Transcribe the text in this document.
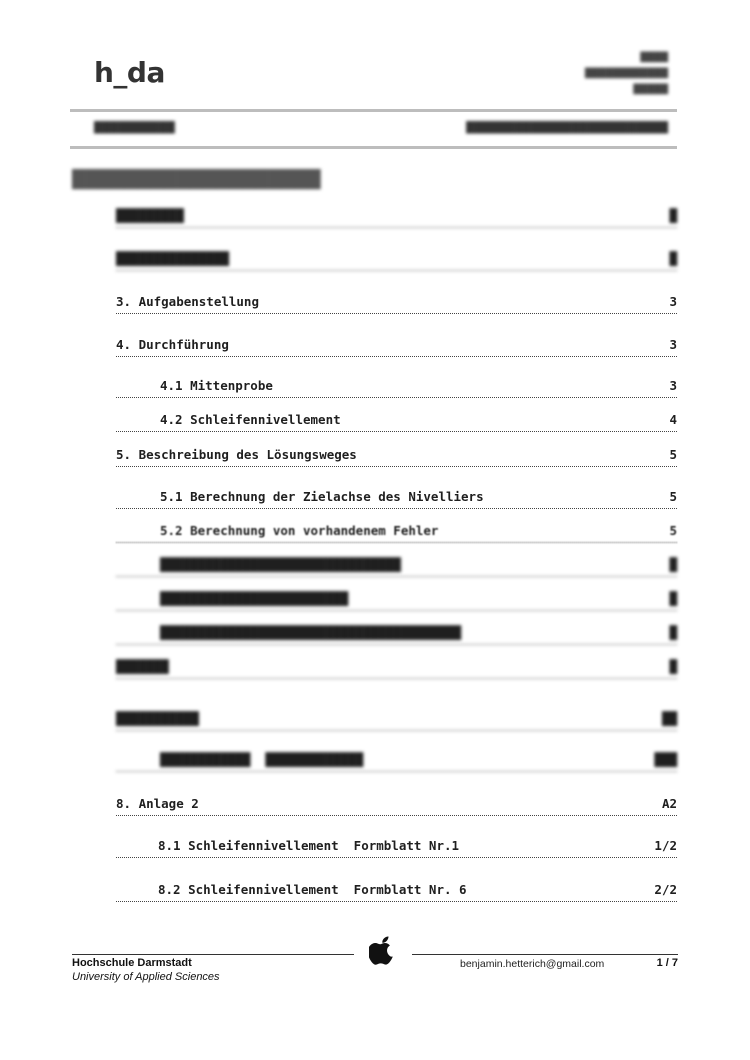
h_da	████
████████████
█████
██████████	█████████████████████████
███████████████████
█████████	█
███████████████	█
3. Aufgabenstellung	3
4. Durchführung	3
4.1 Mittenprobe	3
4.2 Schleifennivellement	4
5. Beschreibung des Lösungsweges	5
5.1 Berechnung der Zielachse des Nivelliers	5
5.2 Berechnung von vorhandenem Fehler	5
████████████████████████████████	█
█████████████████████████	█
████████████████████████████████████████	█
███████	█
███████████	██
████████████  █████████████	███
8. Anlage 2	A2
8.1 Schleifennivellement  Formblatt Nr.1	1/2
8.2 Schleifennivellement  Formblatt Nr. 6	2/2
Hochschule Darmstadt
University of Applied Sciences
benjamin.hetterich@gmail.com	1 / 7
